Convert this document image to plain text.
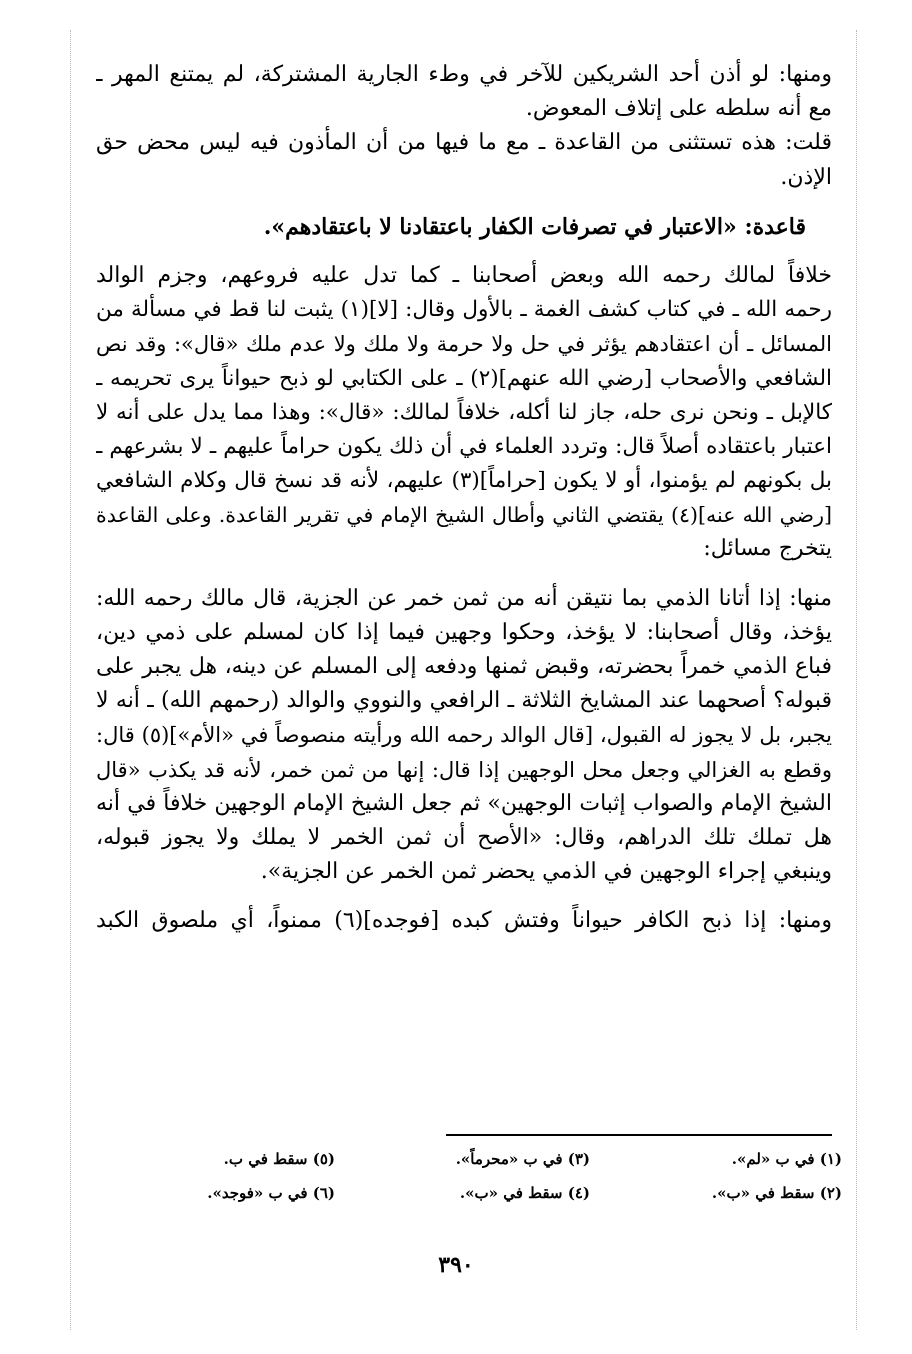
ومنها: لو أذن أحد الشريكين للآخر في وطء الجارية المشتركة، لم يمتنع المهر ـ
مع أنه سلطه على إتلاف المعوض.
قلت: هذه تستثنى من القاعدة ـ مع ما فيها من أن المأذون فيه ليس محض حق
الإذن.
قاعدة: «الاعتبار في تصرفات الكفار باعتقادنا لا باعتقادهم».
خلافاً لمالك رحمه الله وبعض أصحابنا ـ كما تدل عليه فروعهم، وجزم الوالد
رحمه الله ـ في كتاب كشف الغمة ـ بالأول وقال: [لا](١) يثبت لنا قط في مسألة من
المسائل ـ أن اعتقادهم يؤثر في حل ولا حرمة ولا ملك ولا عدم ملك «قال»: وقد نص
الشافعي والأصحاب [رضي الله عنهم](٢) ـ على الكتابي لو ذبح حيواناً يرى تحريمه ـ
كالإبل ـ ونحن نرى حله، جاز لنا أكله، خلافاً لمالك: «قال»: وهذا مما يدل على أنه لا
اعتبار باعتقاده أصلاً قال: وتردد العلماء في أن ذلك يكون حراماً عليهم ـ لا بشرعهم ـ
بل بكونهم لم يؤمنوا، أو لا يكون [حراماً](٣) عليهم، لأنه قد نسخ قال وكلام الشافعي
[رضي الله عنه](٤) يقتضي الثاني وأطال الشيخ الإمام في تقرير القاعدة. وعلى القاعدة
يتخرج مسائل:
منها: إذا أتانا الذمي بما نتيقن أنه من ثمن خمر عن الجزية، قال مالك رحمه الله:
يؤخذ، وقال أصحابنا: لا يؤخذ، وحكوا وجهين فيما إذا كان لمسلم على ذمي دين،
فباع الذمي خمراً بحضرته، وقبض ثمنها ودفعه إلى المسلم عن دينه، هل يجبر على
قبوله؟ أصحهما عند المشايخ الثلاثة ـ الرافعي والنووي والوالد (رحمهم الله) ـ أنه لا
يجبر، بل لا يجوز له القبول، [قال الوالد رحمه الله ورأيته منصوصاً في «الأم»](٥) قال:
وقطع به الغزالي وجعل محل الوجهين إذا قال: إنها من ثمن خمر، لأنه قد يكذب «قال
الشيخ الإمام والصواب إثبات الوجهين» ثم جعل الشيخ الإمام الوجهين خلافاً في أنه
هل تملك تلك الدراهم، وقال: «الأصح أن ثمن الخمر لا يملك ولا يجوز قبوله،
وينبغي إجراء الوجهين في الذمي يحضر ثمن الخمر عن الجزية».
ومنها: إذا ذبح الكافر حيواناً وفتش كبده [فوجده](٦) ممنواً، أي ملصوق الكبد
(١) في ب «لم».
(٢) سقط في «ب».
(٣) في ب «محرماً».
(٤) سقط في «ب».
(٥) سقط في ب.
(٦) في ب «فوجد».
٣٩٠
